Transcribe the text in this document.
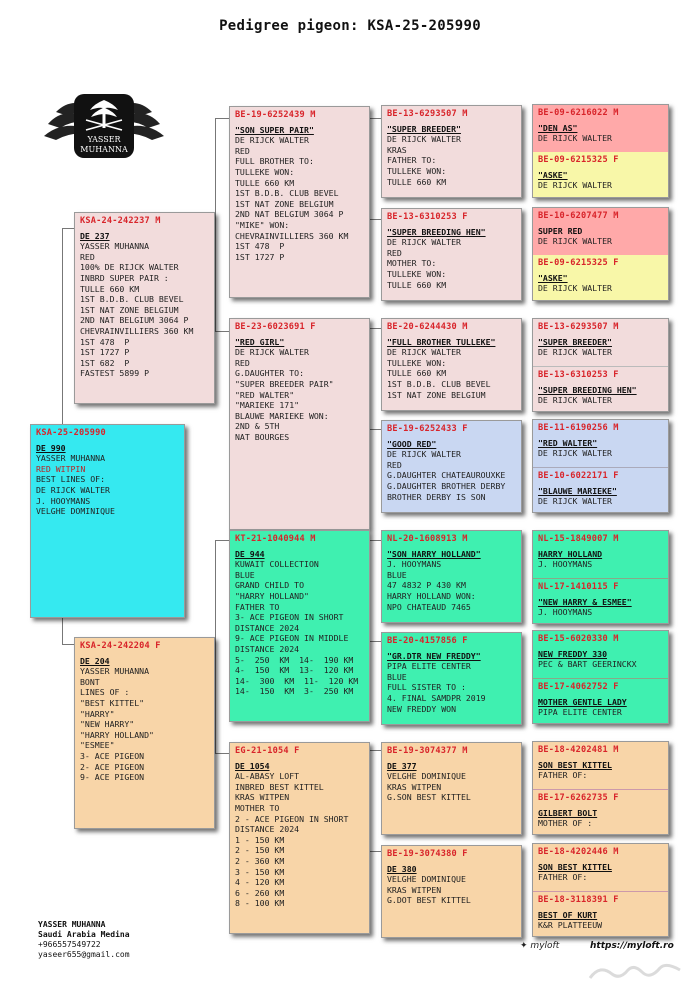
Pedigree pigeon: KSA-25-205990
YASSER
MUHANNA
KSA-25-205990
DE 990
YASSER MUHANNA
RED WITPIN
BEST LINES OF:
DE RIJCK WALTER
J. HOOYMANS
VELGHE DOMINIQUE
KSA-24-242237 M
DE 237
YASSER MUHANNA
RED
100% DE RIJCK WALTER
INBRD SUPER PAIR :
TULLE 660 KM
1ST B.D.B. CLUB BEVEL
1ST NAT ZONE BELGIUM
2ND NAT BELGIUM 3064 P
CHEVRAINVILLIERS 360 KM
1ST 478  P
1ST 1727 P
1ST 682  P
FASTEST 5899 P
KSA-24-242204 F
DE 204
YASSER MUHANNA
BONT
LINES OF :
"BEST KITTEL"
"HARRY"
"NEW HARRY"
"HARRY HOLLAND"
"ESMEE"
3- ACE PIGEON
2- ACE PIGEON
9- ACE PIGEON
BE-19-6252439 M
"SON SUPER PAIR"
DE RIJCK WALTER
RED
FULL BROTHER TO:
TULLEKE WON:
TULLE 660 KM
1ST B.D.B. CLUB BEVEL
1ST NAT ZONE BELGIUM
2ND NAT BELGIUM 3064 P
"MIKE" WON:
CHEVRAINVILLIERS 360 KM
1ST 478  P
1ST 1727 P
BE-23-6023691 F
"RED GIRL"
DE RIJCK WALTER
RED
G.DAUGHTER TO:
"SUPER BREEDER PAIR"
"RED WALTER"
"MARIEKE 171"
BLAUWE MARIEKE WON:
2ND & 5TH
NAT BOURGES
KT-21-1040944 M
DE 944
KUWAIT COLLECTION
BLUE
GRAND CHILD TO
"HARRY HOLLAND"
FATHER TO
3- ACE PIGEON IN SHORT
DISTANCE 2024
9- ACE PIGEON IN MIDDLE
DISTANCE 2024
5-  250  KM  14-  190 KM
4-  150  KM  13-  120 KM
14-  300  KM  11-  120 KM
14-  150  KM  3-  250 KM
EG-21-1054 F
DE 1054
AL-ABASY LOFT
INBRED BEST KITTEL
KRAS WITPEN
MOTHER TO
2 - ACE PIGEON IN SHORT
DISTANCE 2024
1 - 150 KM
2 - 150 KM
2 - 360 KM
3 - 150 KM
4 - 120 KM
6 - 260 KM
8 - 100 KM
BE-13-6293507 M
"SUPER BREEDER"
DE RIJCK WALTER
KRAS
FATHER TO:
TULLEKE WON:
TULLE 660 KM
BE-13-6310253 F
"SUPER BREEDING HEN"
DE RIJCK WALTER
RED
MOTHER TO:
TULLEKE WON:
TULLE 660 KM
BE-20-6244430 M
"FULL BROTHER TULLEKE"
DE RIJCK WALTER
TULLEKE WON:
TULLE 660 KM
1ST B.D.B. CLUB BEVEL
1ST NAT ZONE BELGIUM
BE-19-6252433 F
"GOOD RED"
DE RIJCK WALTER
RED
G.DAUGHTER CHATEAUROUXKE
G.DAUGHTER BROTHER DERBY
BROTHER DERBY IS SON
NL-20-1608913 M
"SON HARRY HOLLAND"
J. HOOYMANS
BLUE
47 4832 P 430 KM
HARRY HOLLAND WON:
NPO CHATEAUD 7465
BE-20-4157856 F
"GR.DTR NEW FREDDY"
PIPA ELITE CENTER
BLUE
FULL SISTER TO :
4. FINAL SAMDPR 2019
NEW FREDDY WON
BE-19-3074377 M
DE 377
VELGHE DOMINIQUE
KRAS WITPEN
G.SON BEST KITTEL
BE-19-3074380 F
DE 380
VELGHE DOMINIQUE
KRAS WITPEN
G.DOT BEST KITTEL
BE-09-6216022 M
"DEN AS"
DE RIJCK WALTER
BE-09-6215325 F
"ASKE"
DE RIJCK WALTER
BE-10-6207477 M
SUPER RED
DE RIJCK WALTER
BE-09-6215325 F
"ASKE"
DE RIJCK WALTER
BE-13-6293507 M
"SUPER BREEDER"
DE RIJCK WALTER
BE-13-6310253 F
"SUPER BREEDING HEN"
DE RIJCK WALTER
BE-11-6190256 M
"RED WALTER"
DE RIJCK WALTER
BE-10-6022171 F
"BLAUWE MARIEKE"
DE RIJCK WALTER
NL-15-1849007 M
HARRY HOLLAND
J. HOOYMANS
NL-17-1410115 F
"NEW HARRY & ESMEE"
J. HOOYMANS
BE-15-6020330 M
NEW FREDDY 330
PEC & BART GEERINCKX
BE-17-4062752 F
MOTHER GENTLE LADY
PIPA ELITE CENTER
BE-18-4202481 M
SON BEST KITTEL
FATHER OF:
BE-17-6262735 F
GILBERT BOLT
MOTHER OF :
BE-18-4202446 M
SON BEST KITTEL
FATHER OF:
BE-18-3118391 F
BEST OF KURT
K&R PLATTEEUW
YASSER MUHANNA
Saudi Arabia Medina
+966557549722
yaseer655@gmail.com
✦ myloft	https://myloft.ro
